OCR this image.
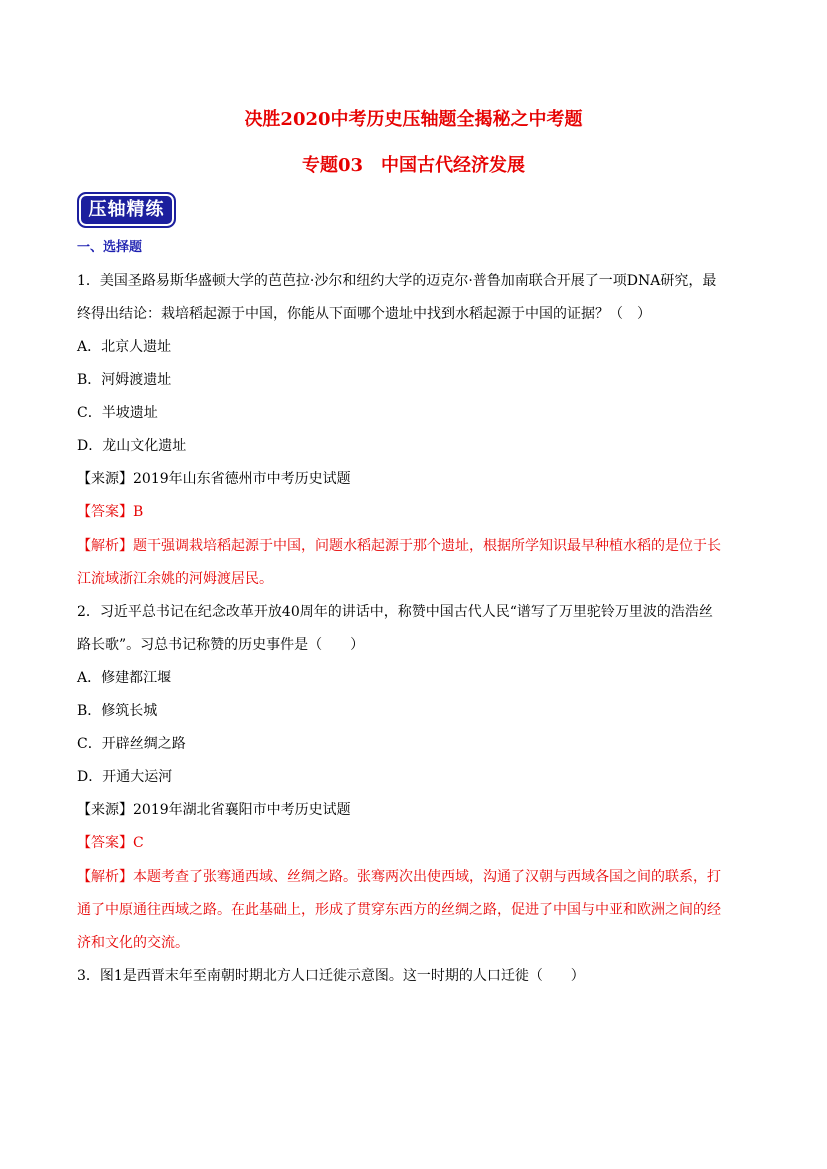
决胜2020中考历史压轴题全揭秘之中考题
专题03　中国古代经济发展
压轴精练
一、选择题
1．美国圣路易斯华盛顿大学的芭芭拉·沙尔和纽约大学的迈克尔·普鲁加南联合开展了一项DNA研究，最
终得出结论：栽培稻起源于中国，你能从下面哪个遗址中找到水稻起源于中国的证据？（　）
A．北京人遗址
B．河姆渡遗址
C．半坡遗址
D．龙山文化遗址
【来源】2019年山东省德州市中考历史试题
【答案】B
【解析】题干强调栽培稻起源于中国，问题水稻起源于那个遗址，根据所学知识最早种植水稻的是位于长
江流域浙江余姚的河姆渡居民。
2．习近平总书记在纪念改革开放40周年的讲话中，称赞中国古代人民“谱写了万里驼铃万里波的浩浩丝
路长歌”。习总书记称赞的历史事件是（　　）
A．修建都江堰
B．修筑长城
C．开辟丝绸之路
D．开通大运河
【来源】2019年湖北省襄阳市中考历史试题
【答案】C
【解析】本题考查了张骞通西域、丝绸之路。张骞两次出使西域，沟通了汉朝与西域各国之间的联系，打
通了中原通往西域之路。在此基础上，形成了贯穿东西方的丝绸之路，促进了中国与中亚和欧洲之间的经
济和文化的交流。
3．图1是西晋末年至南朝时期北方人口迁徙示意图。这一时期的人口迁徙（　　）
